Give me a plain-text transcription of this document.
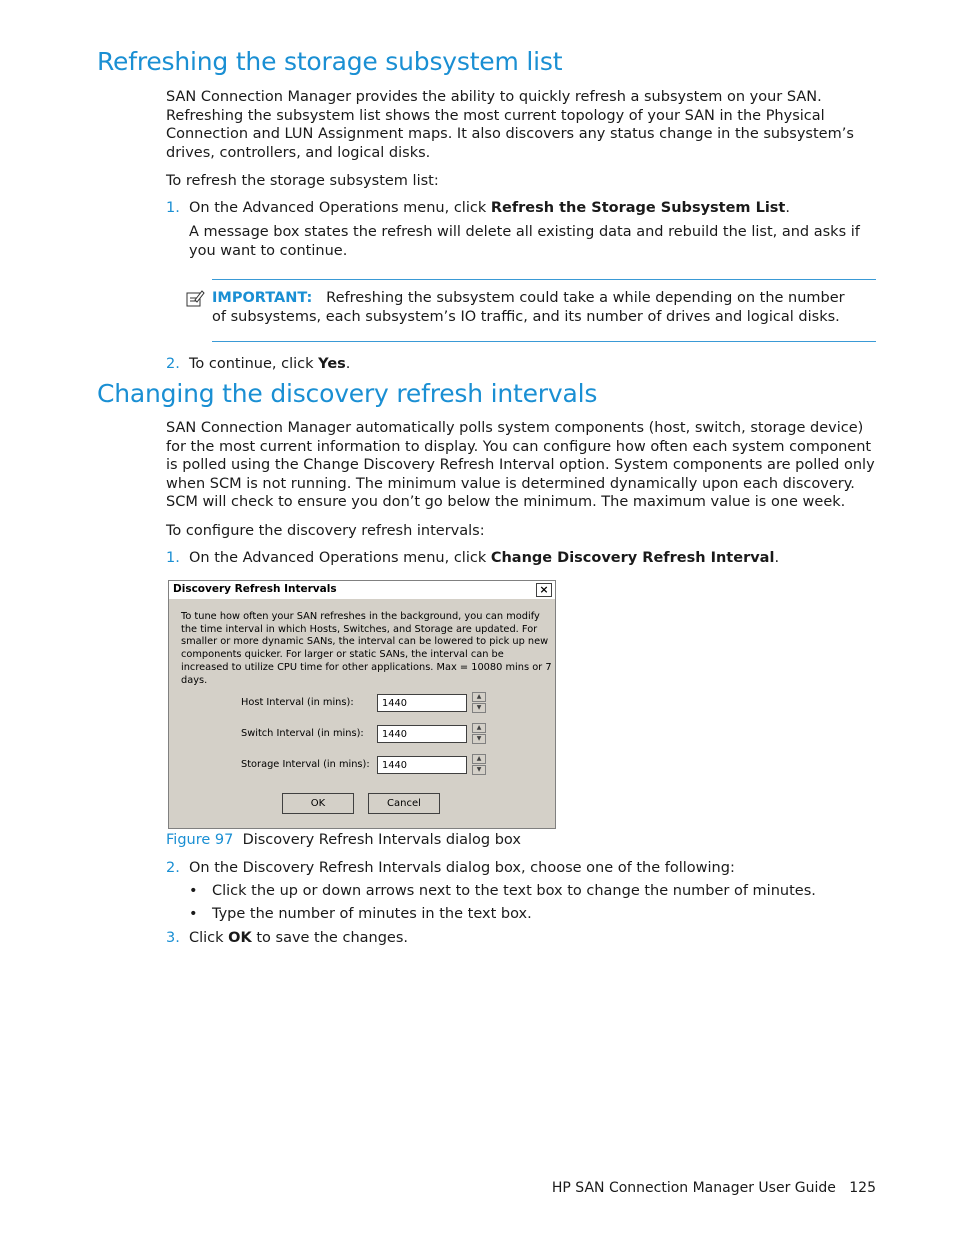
Refreshing the storage subsystem list
SAN Connection Manager provides the ability to quickly refresh a subsystem on your SAN. Refreshing the subsystem list shows the most current topology of your SAN in the Physical Connection and LUN Assignment maps. It also discovers any status change in the subsystem’s drives, controllers, and logical disks.
To refresh the storage subsystem list:
1. On the Advanced Operations menu, click Refresh the Storage Subsystem List.
A message box states the refresh will delete all existing data and rebuild the list, and asks if you want to continue.
IMPORTANT: Refreshing the subsystem could take a while depending on the number of subsystems, each subsystem’s IO traffic, and its number of drives and logical disks.
2. To continue, click Yes.
Changing the discovery refresh intervals
SAN Connection Manager automatically polls system components (host, switch, storage device) for the most current information to display. You can configure how often each system component is polled using the Change Discovery Refresh Interval option. System components are polled only when SCM is not running. The minimum value is determined dynamically upon each discovery. SCM will check to ensure you don’t go below the minimum. The maximum value is one week.
To configure the discovery refresh intervals:
1. On the Advanced Operations menu, click Change Discovery Refresh Interval.
Discovery Refresh Intervals	×
To tune how often your SAN refreshes in the background, you can modify the time interval in which Hosts, Switches, and Storage are updated. For smaller or more dynamic SANs, the interval can be lowered to pick up new components quicker. For larger or static SANs, the interval can be increased to utilize CPU time for other applications. Max = 10080 mins or 7 days.
Host Interval (in mins):	1440
▲
▼
Switch Interval (in mins):	1440
▲
▼
Storage Interval (in mins):	1440
▲
▼
OK	Cancel
Figure 97 Discovery Refresh Intervals dialog box
2. On the Discovery Refresh Intervals dialog box, choose one of the following:
• Click the up or down arrows next to the text box to change the number of minutes.
• Type the number of minutes in the text box.
3. Click OK to save the changes.
HP SAN Connection Manager User Guide 125
